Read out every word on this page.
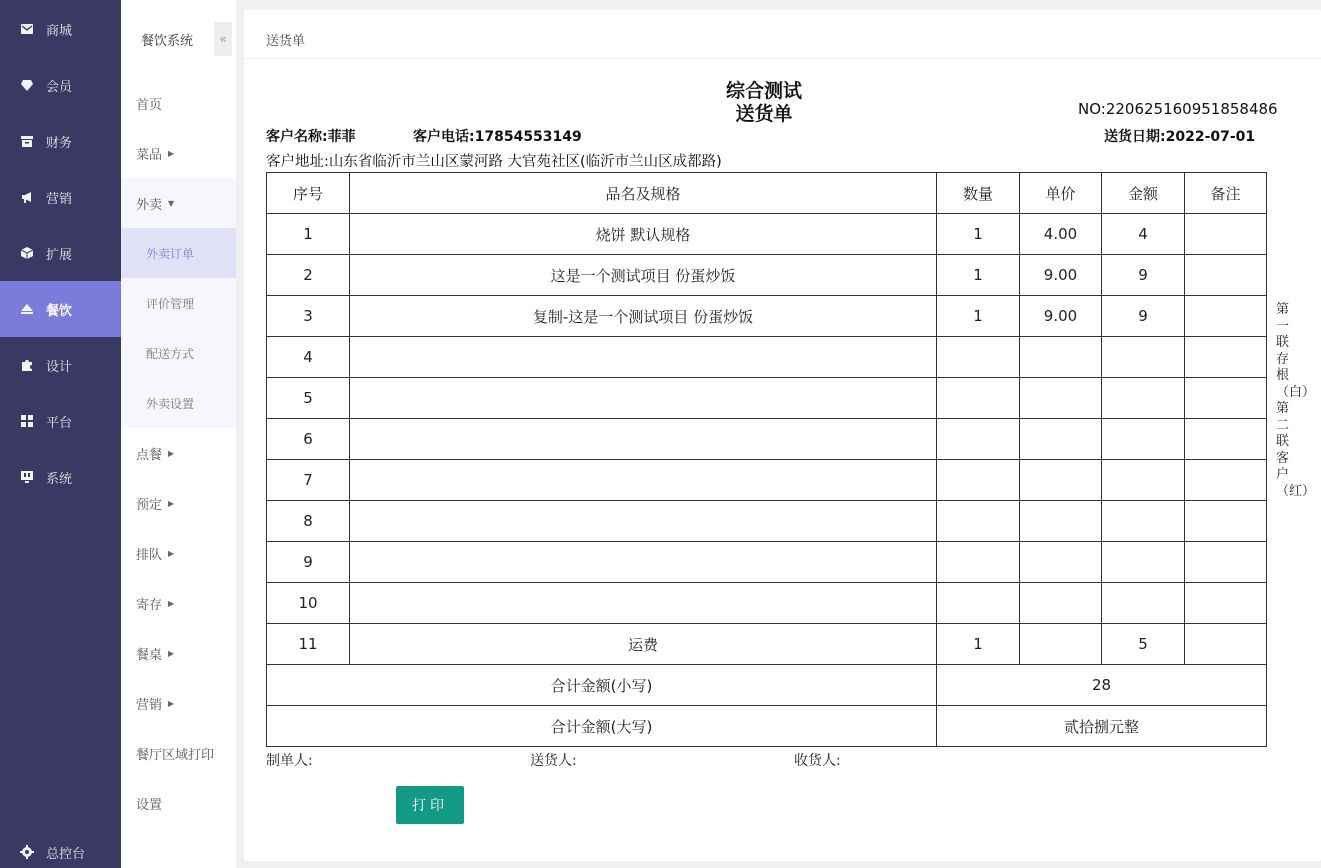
商城
会员
财务
营销
扩展
餐饮
设计
平台
系统
总控台
餐饮系统	«
首页
菜品 ▶
外卖 ▼
外卖订单
评价管理
配送方式
外卖设置
点餐 ▶
预定 ▶
排队 ▶
寄存 ▶
餐桌 ▶
营销 ▶
餐厅区域打印
设置
送货单
综合测试
送货单	NO:220625160951858486
客户名称:菲菲	客户电话:17854553149	送货日期:2022-07-01
客户地址:山东省临沂市兰山区蒙河路 大官苑社区(临沂市兰山区成都路)
序号	品名及规格	数量	单价	金额	备注
1	烧饼 默认规格	1	4.00	4	
2	这是一个测试项目 份蛋炒饭	1	9.00	9	
3	复制-这是一个测试项目 份蛋炒饭	1	9.00	9	
4					
5					
6					
7					
8					
9					
10					
11	运费	1		5	
合计金额(小写)		28			
合计金额(大写)		贰拾捌元整			
制单人:	送货人:	收货人:
打印
第一联存根（白）第二联客户（红）
